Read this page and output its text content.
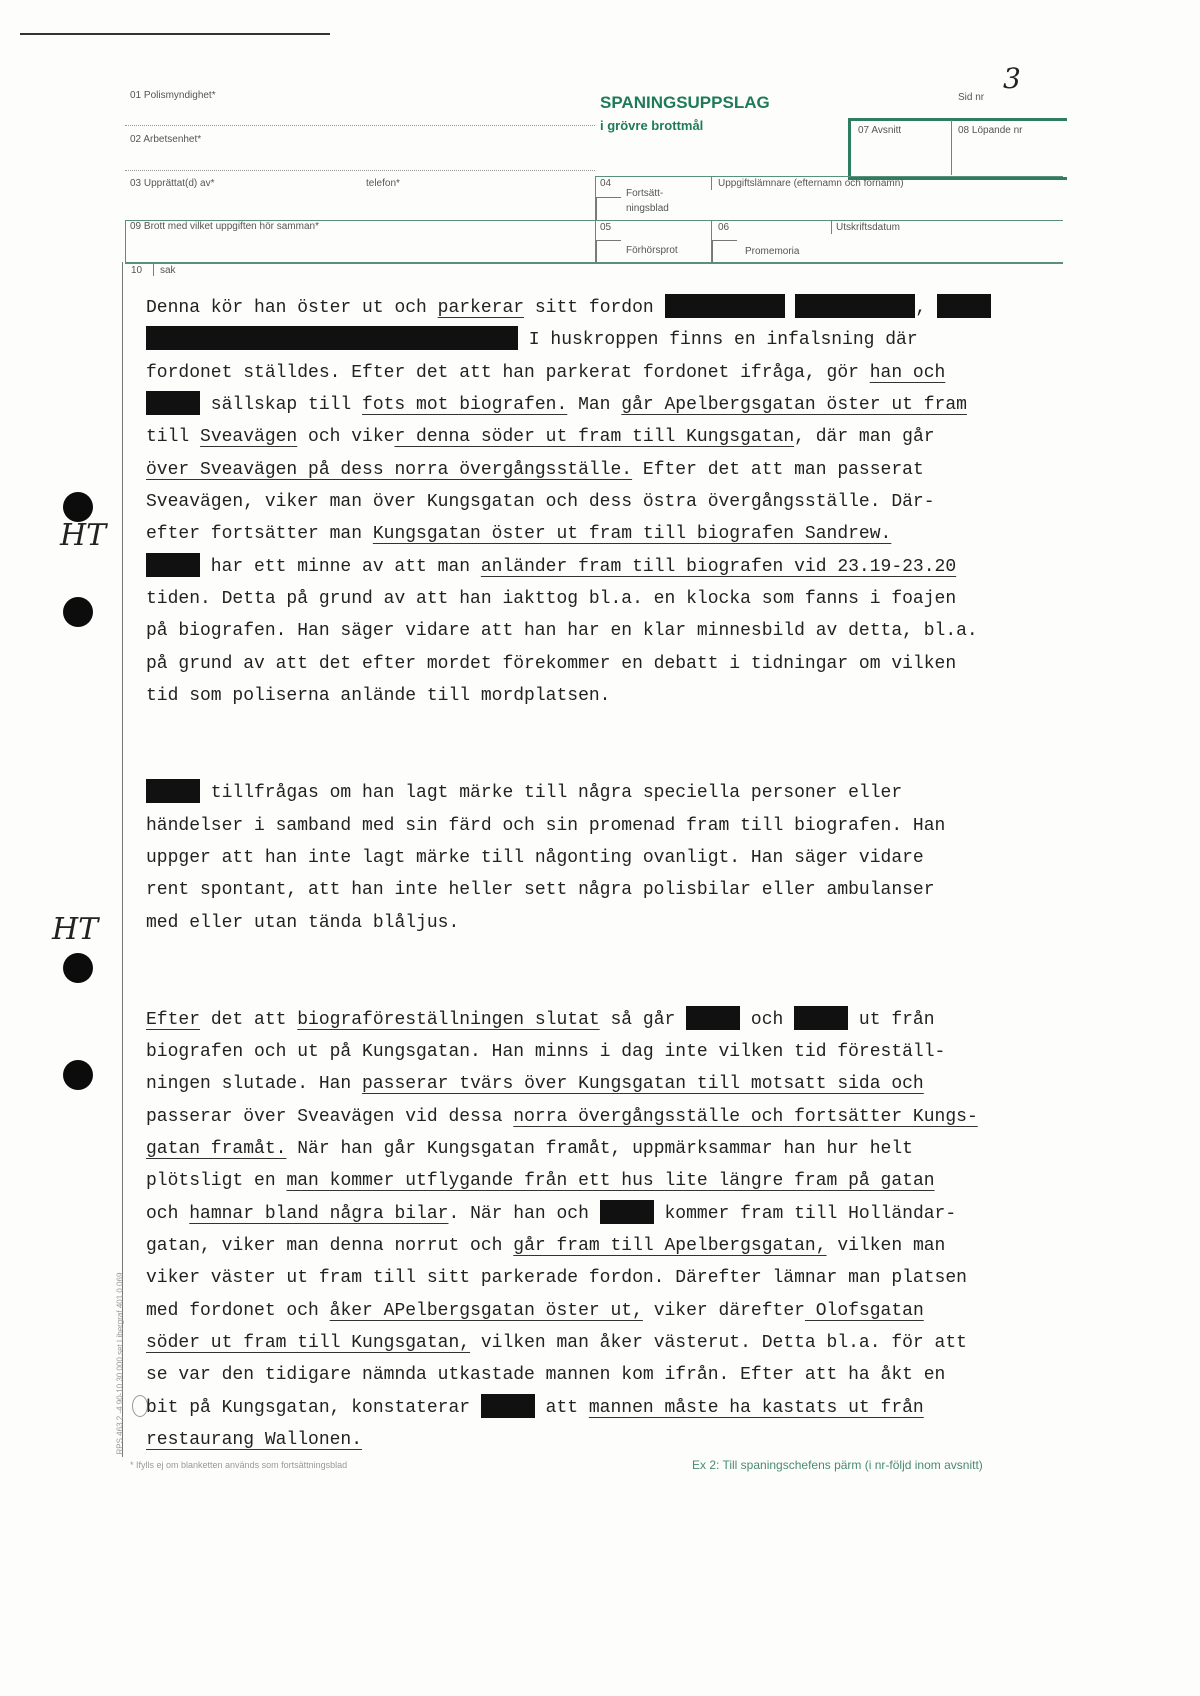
01 Polismyndighet*
02 Arbetsenhet*
03 Upprättat(d) av*	telefon*
SPANINGSUPPSLAG
i grövre brottmål
Sid nr
3
07 Avsnitt	08 Löpande nr
04
Fortsätt-
ningsblad
Uppgiftslämnare (efternamn och förnamn)
05
Förhörsprot
06
Promemoria
Utskriftsdatum
09 Brott med vilket uppgiften hör samman*
10 sak
HT
HT
RPS 463.2 -4 90-10 30 000 set Libergraf 401 0 069
Denna kör han öster ut och parkerar sitt fordon	,
I huskroppen finns en infalsning där
fordonet ställdes. Efter det att han parkerat fordonet ifråga, gör han och
sällskap till fots mot biografen. Man går Apelbergsgatan öster ut fram
till Sveavägen och viker denna söder ut fram till Kungsgatan, där man går
över Sveavägen på dess norra övergångsställe. Efter det att man passerat
Sveavägen, viker man över Kungsgatan och dess östra övergångsställe. Där-
efter fortsätter man Kungsgatan öster ut fram till biografen Sandrew.
har ett minne av att man anländer fram till biografen vid 23.19-23.20
tiden. Detta på grund av att han iakttog bl.a. en klocka som fanns i foajen
på biografen. Han säger vidare att han har en klar minnesbild av detta, bl.a.
på grund av att det efter mordet förekommer en debatt i tidningar om vilken
tid som poliserna anlände till mordplatsen.
tillfrågas om han lagt märke till några speciella personer eller
händelser i samband med sin färd och sin promenad fram till biografen. Han
uppger att han inte lagt märke till någonting ovanligt. Han säger vidare
rent spontant, att han inte heller sett några polisbilar eller ambulanser
med eller utan tända blåljus.
Efter det att biograföreställningen slutat så går	och	ut från
biografen och ut på Kungsgatan. Han minns i dag inte vilken tid föreställ-
ningen slutade. Han passerar tvärs över Kungsgatan till motsatt sida och
passerar över Sveavägen vid dessa norra övergångsställe och fortsätter Kungs-
gatan framåt. När han går Kungsgatan framåt, uppmärksammar han hur helt
plötsligt en man kommer utflygande från ett hus lite längre fram på gatan
och hamnar bland några bilar. När han och	kommer fram till Holländar-
gatan, viker man denna norrut och går fram till Apelbergsgatan, vilken man
viker väster ut fram till sitt parkerade fordon. Därefter lämnar man platsen
med fordonet och åker APelbergsgatan öster ut, viker därefter Olofsgatan
söder ut fram till Kungsgatan, vilken man åker västerut. Detta bl.a. för att
se var den tidigare nämnda utkastade mannen kom ifrån. Efter att ha åkt en
bit på Kungsgatan, konstaterar	att mannen måste ha kastats ut från
restaurang Wallonen.
* Ifylls ej om blanketten används som fortsättningsblad	Ex 2: Till spaningschefens pärm (i nr-följd inom avsnitt)
